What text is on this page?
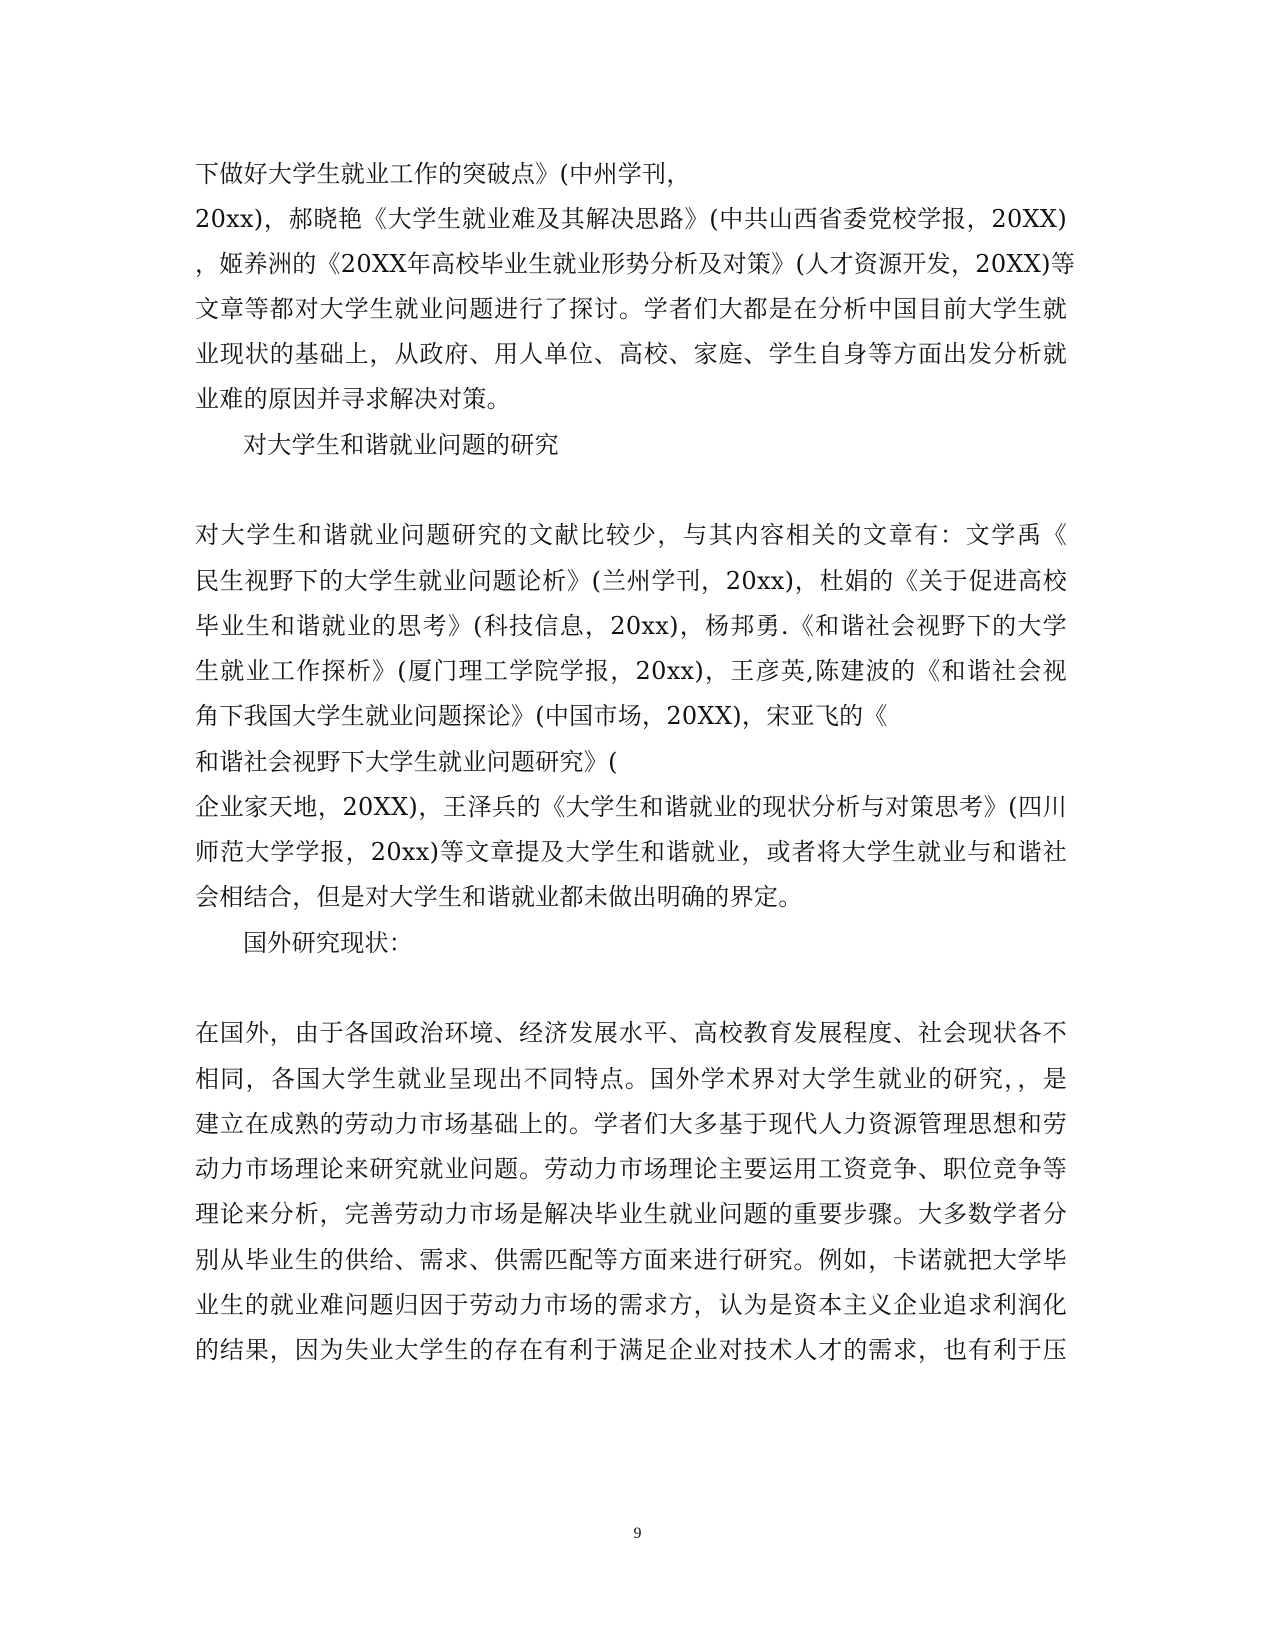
下做好大学生就业工作的突破点》(中州学刊，
20xx)，郝晓艳《大学生就业难及其解决思路》(中共山西省委党校学报，20XX)
，姬养洲的《20XX年高校毕业生就业形势分析及对策》(人才资源开发，20XX)等
文章等都对大学生就业问题进行了探讨。学者们大都是在分析中国目前大学生就
业现状的基础上，从政府、用人单位、高校、家庭、学生自身等方面出发分析就
业难的原因并寻求解决对策。
对大学生和谐就业问题的研究
对大学生和谐就业问题研究的文献比较少，与其内容相关的文章有：文学禹《
民生视野下的大学生就业问题论析》(兰州学刊，20xx)，杜娟的《关于促进高校
毕业生和谐就业的思考》(科技信息，20xx)，杨邦勇.《和谐社会视野下的大学
生就业工作探析》(厦门理工学院学报，20xx)，王彦英,陈建波的《和谐社会视
角下我国大学生就业问题探论》(中国市场，20XX)，宋亚飞的《
和谐社会视野下大学生就业问题研究》(
企业家天地，20XX)，王泽兵的《大学生和谐就业的现状分析与对策思考》(四川
师范大学学报，20xx)等文章提及大学生和谐就业，或者将大学生就业与和谐社
会相结合，但是对大学生和谐就业都未做出明确的界定。
国外研究现状：
在国外，由于各国政治环境、经济发展水平、高校教育发展程度、社会现状各不
相同，各国大学生就业呈现出不同特点。国外学术界对大学生就业的研究，，是
建立在成熟的劳动力市场基础上的。学者们大多基于现代人力资源管理思想和劳
动力市场理论来研究就业问题。劳动力市场理论主要运用工资竞争、职位竞争等
理论来分析，完善劳动力市场是解决毕业生就业问题的重要步骤。大多数学者分
别从毕业生的供给、需求、供需匹配等方面来进行研究。例如，卡诺就把大学毕
业生的就业难问题归因于劳动力市场的需求方，认为是资本主义企业追求利润化
的结果，因为失业大学生的存在有利于满足企业对技术人才的需求，也有利于压
9
